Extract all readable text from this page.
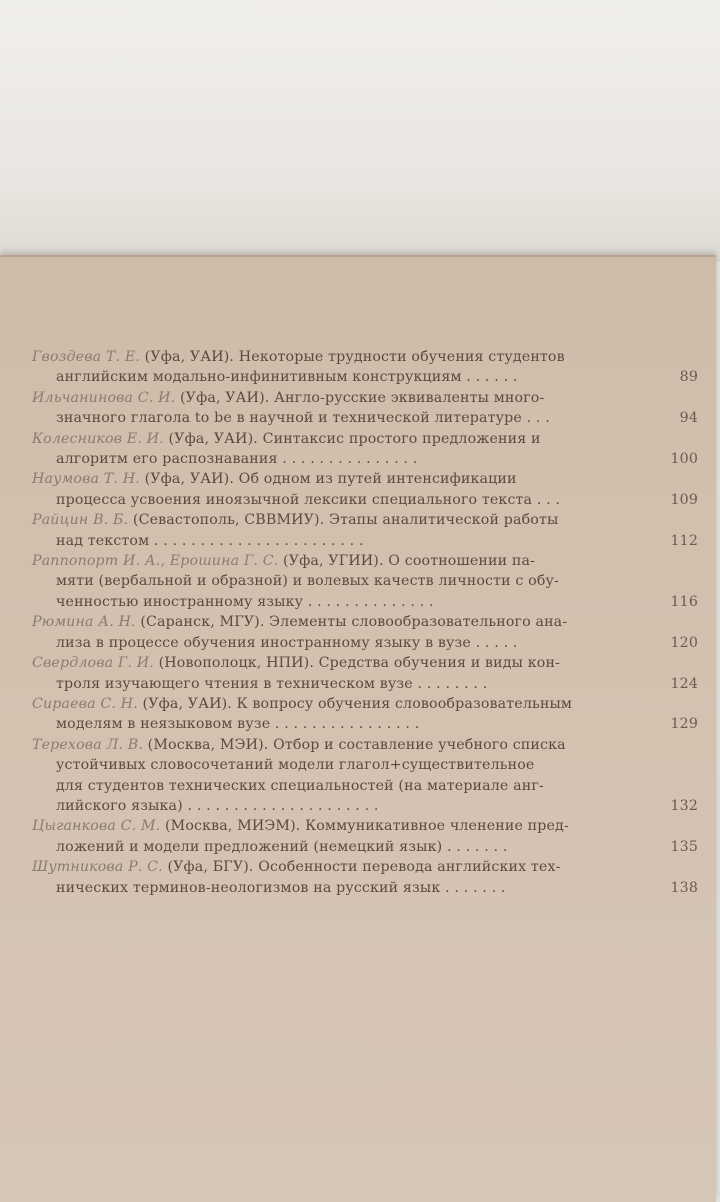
Гвоздева Т. Е. (Уфа, УАИ). Некоторые трудности обучения студентов
английским модально-инфинитивным конструкциям . . . . . .	89
Ильчанинова С. И. (Уфа, УАИ). Англо-русские эквиваленты много-
значного глагола to be в научной и технической литературе . . .	94
Колесников Е. И. (Уфа, УАИ). Синтаксис простого предложения и
алгоритм его распознавания . . . . . . . . . . . . . . .	100
Наумова Т. Н. (Уфа, УАИ). Об одном из путей интенсификации
процесса усвоения иноязычной лексики специального текста . . .	109
Райцин В. Б. (Севастополь, СВВМИУ). Этапы аналитической работы
над текстом . . . . . . . . . . . . . . . . . . . . . . .	112
Раппопорт И. А., Ерошина Г. С. (Уфа, УГИИ). О соотношении па-
мяти (вербальной и образной) и волевых качеств личности с обу-
ченностью иностранному языку . . . . . . . . . . . . . .	116
Рюмина А. Н. (Саранск, МГУ). Элементы словообразовательного ана-
лиза в процессе обучения иностранному языку в вузе . . . . .	120
Свердлова Г. И. (Новополоцк, НПИ). Средства обучения и виды кон-
троля изучающего чтения в техническом вузе . . . . . . . .	124
Сираева С. Н. (Уфа, УАИ). К вопросу обучения словообразовательным
моделям в неязыковом вузе . . . . . . . . . . . . . . . .	129
Терехова Л. В. (Москва, МЭИ). Отбор и составление учебного списка
устойчивых словосочетаний модели глагол+существительное
для студентов технических специальностей (на материале анг-
лийского языка) . . . . . . . . . . . . . . . . . . . . .	132
Цыганкова С. М. (Москва, МИЭМ). Коммуникативное членение пред-
ложений и модели предложений (немецкий язык) . . . . . . .	135
Шутникова Р. С. (Уфа, БГУ). Особенности перевода английских тех-
нических терминов-неологизмов на русский язык . . . . . . .	138
